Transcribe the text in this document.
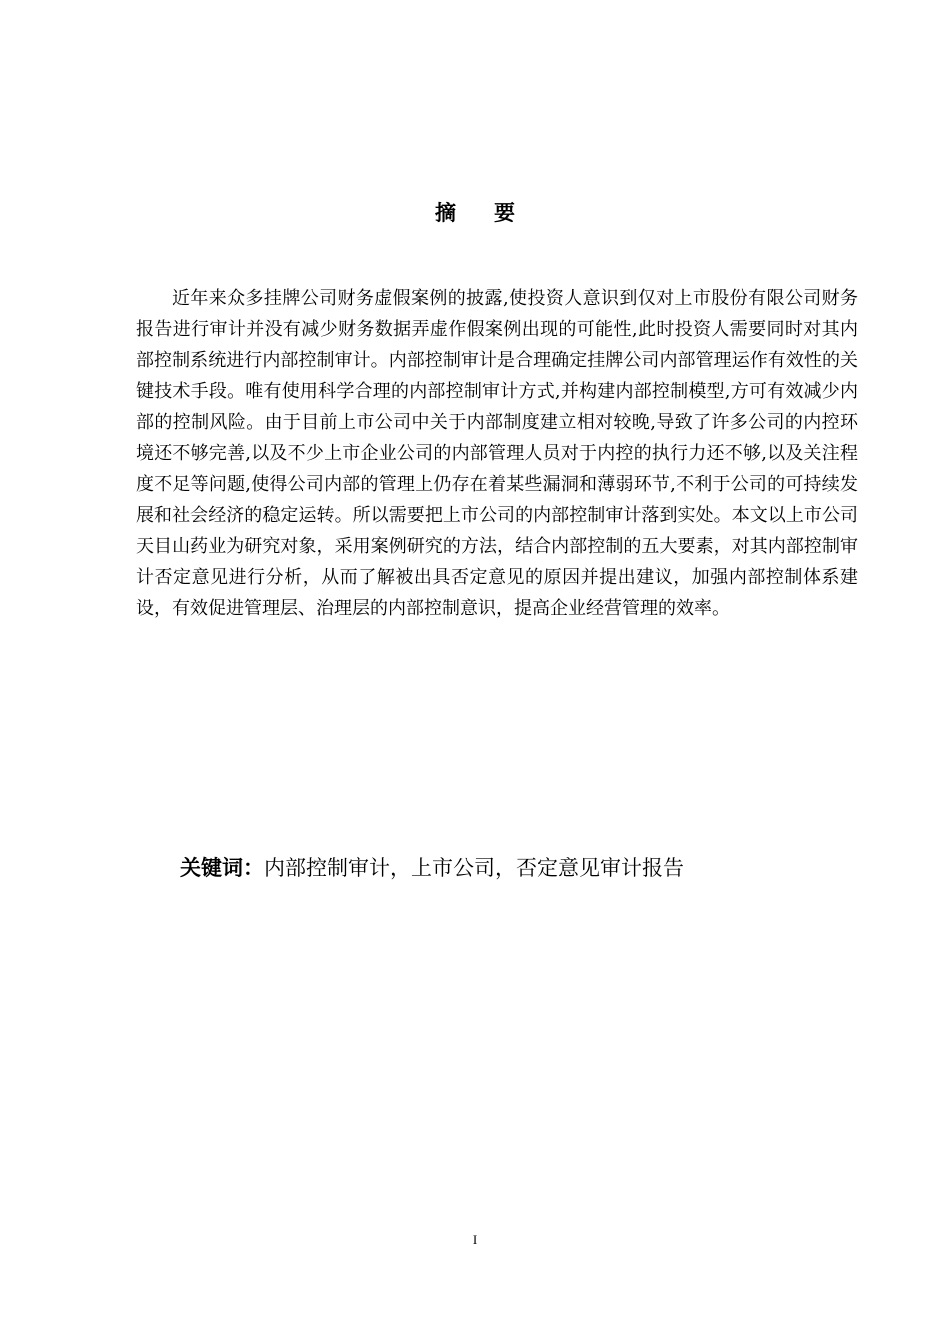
摘要

近年来众多挂牌公司财务虚假案例的披露,使投资人意识到仅对上市股份有限公司财务报告进行审计并没有减少财务数据弄虚作假案例出现的可能性,此时投资人需要同时对其内部控制系统进行内部控制审计。内部控制审计是合理确定挂牌公司内部管理运作有效性的关键技术手段。唯有使用科学合理的内部控制审计方式,并构建内部控制模型,方可有效减少内部的控制风险。由于目前上市公司中关于内部制度建立相对较晚,导致了许多公司的内控环境还不够完善,以及不少上市企业公司的内部管理人员对于内控的执行力还不够,以及关注程度不足等问题,使得公司内部的管理上仍存在着某些漏洞和薄弱环节,不利于公司的可持续发展和社会经济的稳定运转。所以需要把上市公司的内部控制审计落到实处。本文以上市公司天目山药业为研究对象，采用案例研究的方法，结合内部控制的五大要素，对其内部控制审计否定意见进行分析，从而了解被出具否定意见的原因并提出建议，加强内部控制体系建设，有效促进管理层、治理层的内部控制意识，提高企业经营管理的效率。

关键词：内部控制审计，上市公司，否定意见审计报告
I
